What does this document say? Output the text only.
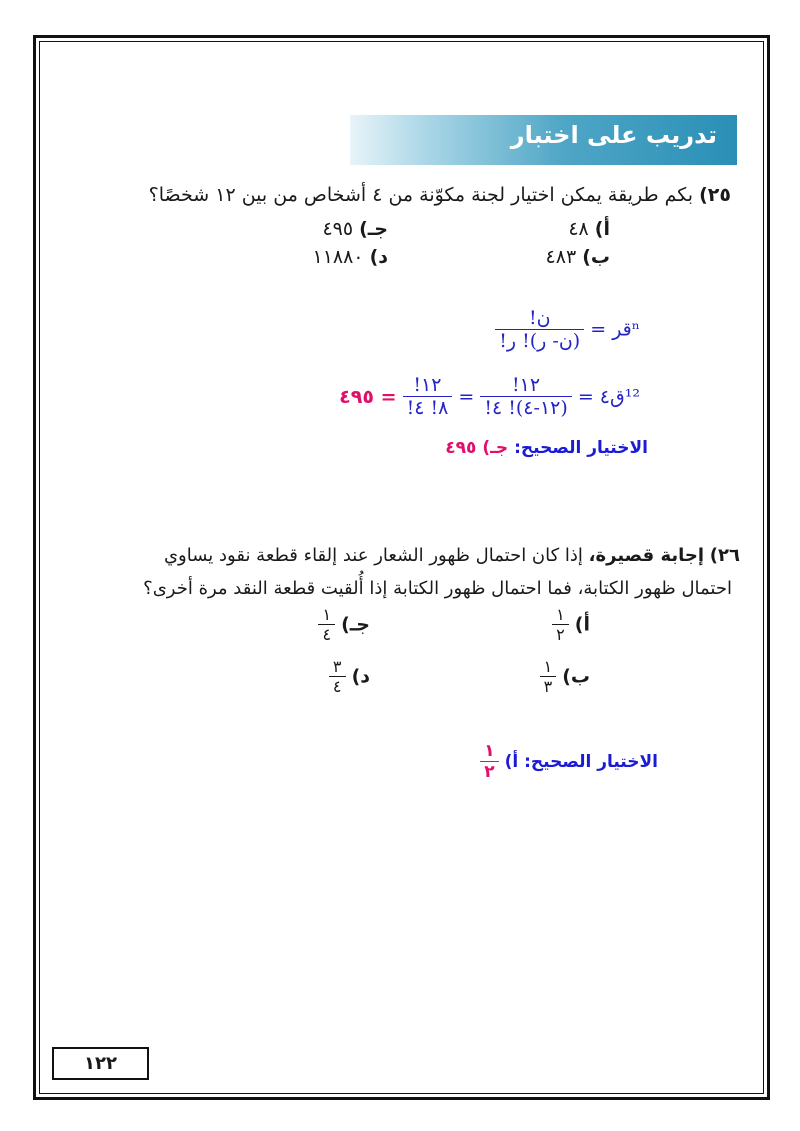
تدريب على اختبار
٢٥) بكم طريقة يمكن اختيار لجنة مكوّنة من ٤ أشخاص من بين ١٢ شخصًا؟
أ) ٤٨
جـ) ٤٩٥
ب) ٤٨٣
د) ١١٨٨٠
ⁿقر =
$\frac{\text{ن!}}{\text{(ن- ر)! ر!}}$
¹²ق٤ =
$\frac{١٢!}{(١٢-٤)! ٤!}$
=
$\frac{١٢!}{٨! ٤!}$
= ٤٩٥
الاختيار الصحيح: جـ) ٤٩٥
٢٦) إجابة قصيرة، إذا كان احتمال ظهور الشعار عند إلقاء قطعة نقود يساوي
احتمال ظهور الكتابة، فما احتمال ظهور الكتابة إذا أُلقيت قطعة النقد مرة أخرى؟
أ)
$\frac{١}{٢}$
جـ)
$\frac{١}{٤}$
ب)
$\frac{١}{٣}$
د)
$\frac{٣}{٤}$
الاختيار الصحيح: أ)
$\frac{١}{٢}$
١٢٢
